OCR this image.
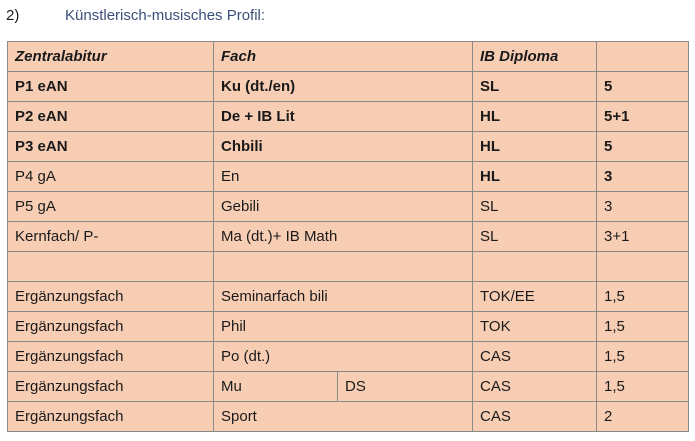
2)	Künstlerisch-musisches Profil:
Zentralabitur	Fach		IB Diploma	
P1 eAN	Ku (dt./en)		SL	5
P2 eAN	De + IB Lit		HL	5+1
P3 eAN	Chbili		HL	5
P4 gA	En		HL	3
P5 gA	Gebili		SL	3
Kernfach/ P-	Ma (dt.)+ IB Math		SL	3+1

Ergänzungsfach	Seminarfach bili		TOK/EE	1,5
Ergänzungsfach	Phil		TOK	1,5
Ergänzungsfach	Po (dt.)		CAS	1,5
Ergänzungsfach	Mu	DS	CAS	1,5
Ergänzungsfach	Sport		CAS	2
